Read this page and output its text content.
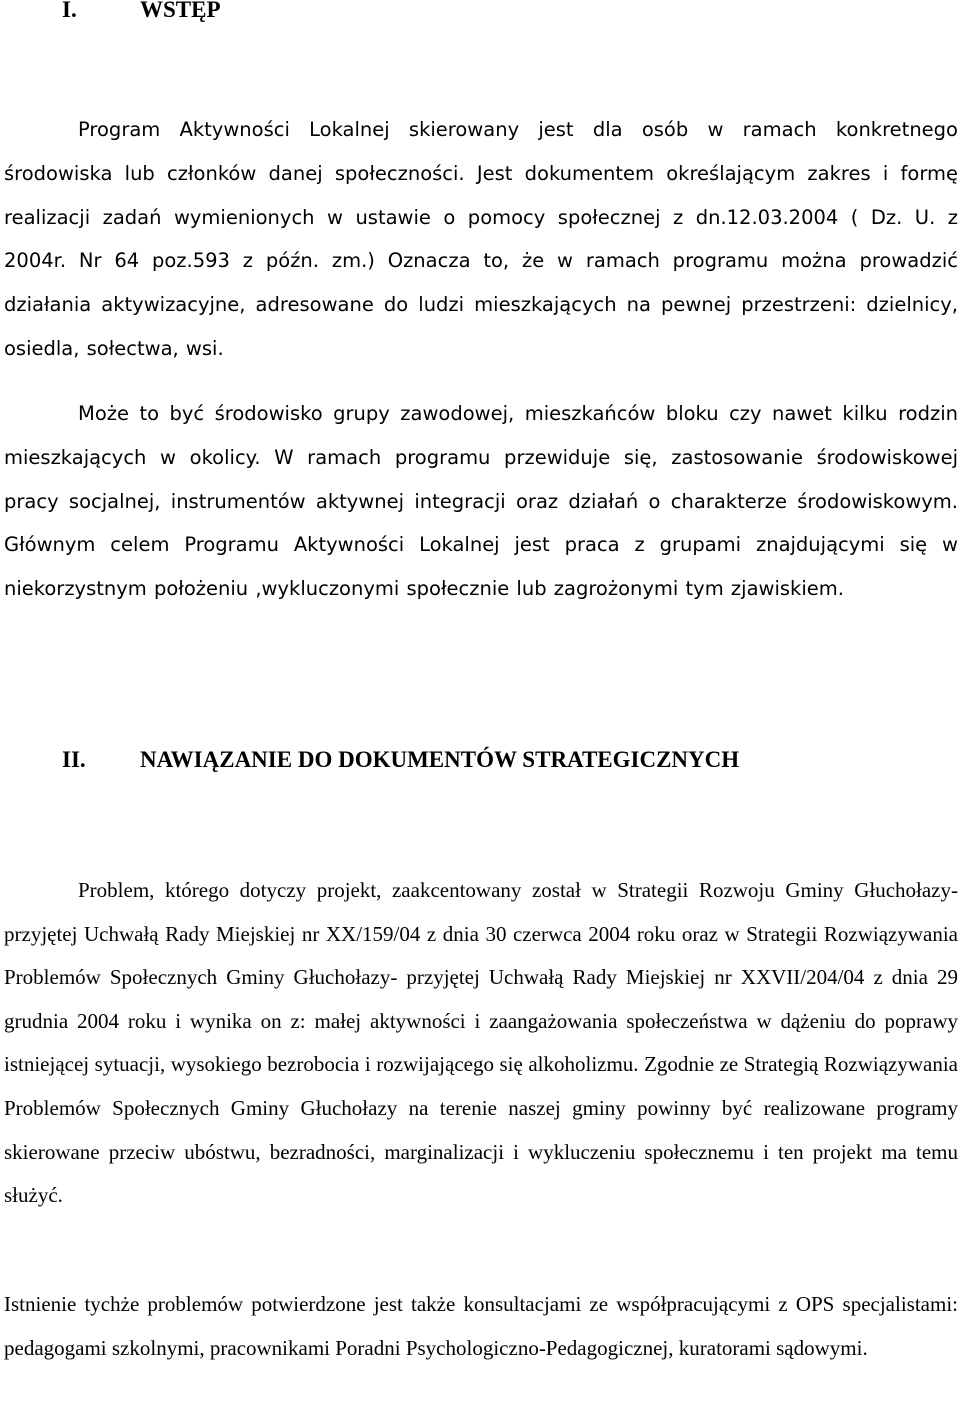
I.	WSTĘP

Program Aktywności Lokalnej skierowany jest dla osób w ramach konkretnego środowiska lub członków danej społeczności. Jest dokumentem określającym zakres i formę realizacji zadań wymienionych w ustawie o pomocy społecznej z dn.12.03.2004 ( Dz. U. z 2004r. Nr 64 poz.593 z późn. zm.) Oznacza to, że w ramach programu można prowadzić działania aktywizacyjne, adresowane do ludzi mieszkających na pewnej przestrzeni: dzielnicy, osiedla, sołectwa, wsi.

Może to być środowisko grupy zawodowej, mieszkańców bloku czy nawet kilku rodzin mieszkających w okolicy. W ramach programu przewiduje się, zastosowanie środowiskowej pracy socjalnej, instrumentów aktywnej integracji oraz działań o charakterze środowiskowym. Głównym celem Programu Aktywności Lokalnej jest praca z grupami znajdującymi się w niekorzystnym położeniu ,wykluczonymi społecznie lub zagrożonymi tym zjawiskiem.

II. NAWIĄZANIE DO DOKUMENTÓW STRATEGICZNYCH

Problem, którego dotyczy projekt, zaakcentowany został w Strategii Rozwoju Gminy Głuchołazy- przyjętej Uchwałą Rady Miejskiej nr XX/159/04 z dnia 30 czerwca 2004 roku oraz w Strategii Rozwiązywania Problemów Społecznych Gminy Głuchołazy- przyjętej Uchwałą Rady Miejskiej nr XXVII/204/04 z dnia 29 grudnia 2004 roku i wynika on z: małej aktywności i zaangażowania społeczeństwa w dążeniu do poprawy istniejącej sytuacji, wysokiego bezrobocia i rozwijającego się alkoholizmu. Zgodnie ze Strategią Rozwiązywania Problemów Społecznych Gminy Głuchołazy na terenie naszej gminy powinny być realizowane programy skierowane przeciw ubóstwu, bezradności, marginalizacji i wykluczeniu społecznemu i ten projekt ma temu służyć.

Istnienie tychże problemów potwierdzone jest także konsultacjami ze współpracującymi z OPS specjalistami: pedagogami szkolnymi, pracownikami Poradni Psychologiczno-Pedagogicznej, kuratorami sądowymi.
